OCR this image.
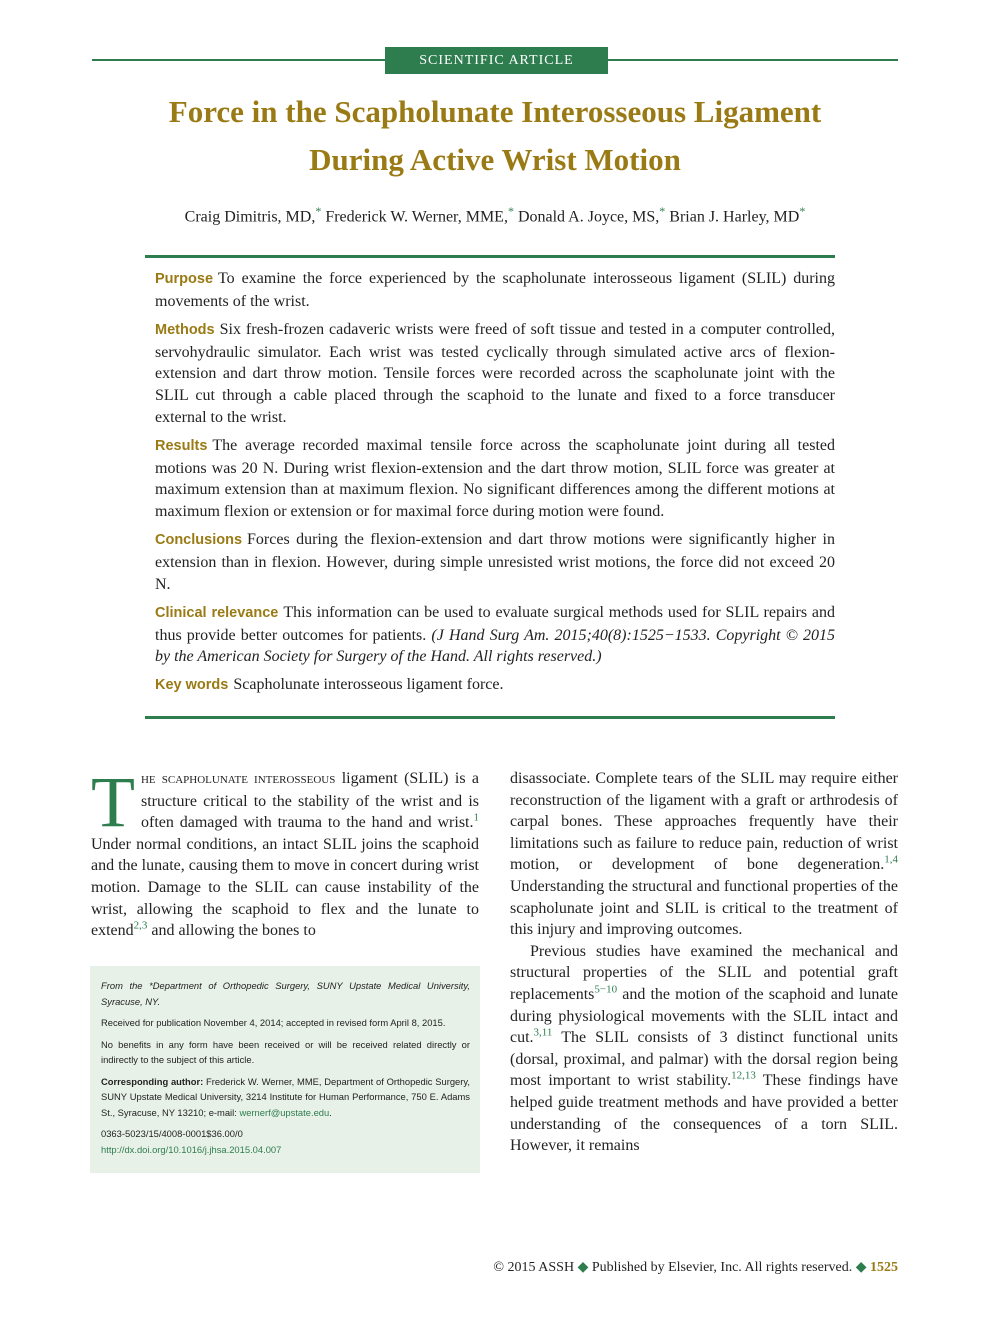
SCIENTIFIC ARTICLE
Force in the Scapholunate Interosseous Ligament
During Active Wrist Motion
Craig Dimitris, MD,* Frederick W. Werner, MME,* Donald A. Joyce, MS,* Brian J. Harley, MD*

Purpose To examine the force experienced by the scapholunate interosseous ligament (SLIL) during movements of the wrist.

Methods Six fresh-frozen cadaveric wrists were freed of soft tissue and tested in a computer controlled, servohydraulic simulator. Each wrist was tested cyclically through simulated active arcs of flexion-extension and dart throw motion. Tensile forces were recorded across the scapholunate joint with the SLIL cut through a cable placed through the scaphoid to the lunate and fixed to a force transducer external to the wrist.

Results The average recorded maximal tensile force across the scapholunate joint during all tested motions was 20 N. During wrist flexion-extension and the dart throw motion, SLIL force was greater at maximum extension than at maximum flexion. No significant differences among the different motions at maximum flexion or extension or for maximal force during motion were found.

Conclusions Forces during the flexion-extension and dart throw motions were significantly higher in extension than in flexion. However, during simple unresisted wrist motions, the force did not exceed 20 N.

Clinical relevance This information can be used to evaluate surgical methods used for SLIL repairs and thus provide better outcomes for patients. (J Hand Surg Am. 2015;40(8):1525−1533. Copyright © 2015 by the American Society for Surgery of the Hand. All rights reserved.)

Key words Scapholunate interosseous ligament force.

The scapholunate interosseous ligament (SLIL) is a structure critical to the stability of the wrist and is often damaged with trauma to the hand and wrist.$^1$ Under normal conditions, an intact SLIL joins the scaphoid and the lunate, causing them to move in concert during wrist motion. Damage to the SLIL can cause instability of the wrist, allowing the scaphoid to flex and the lunate to extend$^{2,3}$ and allowing the bones to

From the *Department of Orthopedic Surgery, SUNY Upstate Medical University, Syracuse, NY.

Received for publication November 4, 2014; accepted in revised form April 8, 2015.

No benefits in any form have been received or will be received related directly or indirectly to the subject of this article.

Corresponding author: Frederick W. Werner, MME, Department of Orthopedic Surgery, SUNY Upstate Medical University, 3214 Institute for Human Performance, 750 E. Adams St., Syracuse, NY 13210; e-mail: wernerf@upstate.edu.

0363-5023/15/4008-0001$36.00/0
http://dx.doi.org/10.1016/j.jhsa.2015.04.007

disassociate. Complete tears of the SLIL may require either reconstruction of the ligament with a graft or arthrodesis of carpal bones. These approaches frequently have their limitations such as failure to reduce pain, reduction of wrist motion, or development of bone degeneration.$^{1,4}$ Understanding the structural and functional properties of the scapholunate joint and SLIL is critical to the treatment of this injury and improving outcomes.

Previous studies have examined the mechanical and structural properties of the SLIL and potential graft replacements$^{5-10}$ and the motion of the scaphoid and lunate during physiological movements with the SLIL intact and cut.$^{3,11}$ The SLIL consists of 3 distinct functional units (dorsal, proximal, and palmar) with the dorsal region being most important to wrist stability.$^{12,13}$ These findings have helped guide treatment methods and have provided a better understanding of the consequences of a torn SLIL. However, it remains

© 2015 ASSH ◆ Published by Elsevier, Inc. All rights reserved. ◆ 1525
